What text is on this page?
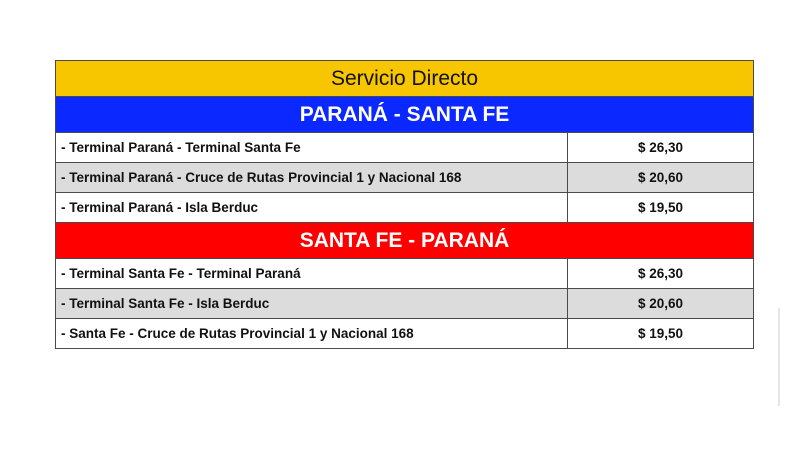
Servicio Directo
PARANÁ - SANTA FE
- Terminal Paraná - Terminal Santa Fe	$ 26,30
- Terminal Paraná - Cruce de Rutas Provincial 1 y Nacional 168	$ 20,60
- Terminal Paraná - Isla Berduc	$ 19,50
SANTA FE - PARANÁ
- Terminal Santa Fe - Terminal Paraná	$ 26,30
- Terminal Santa Fe - Isla Berduc	$ 20,60
- Santa Fe - Cruce de Rutas Provincial 1 y Nacional 168	$ 19,50
